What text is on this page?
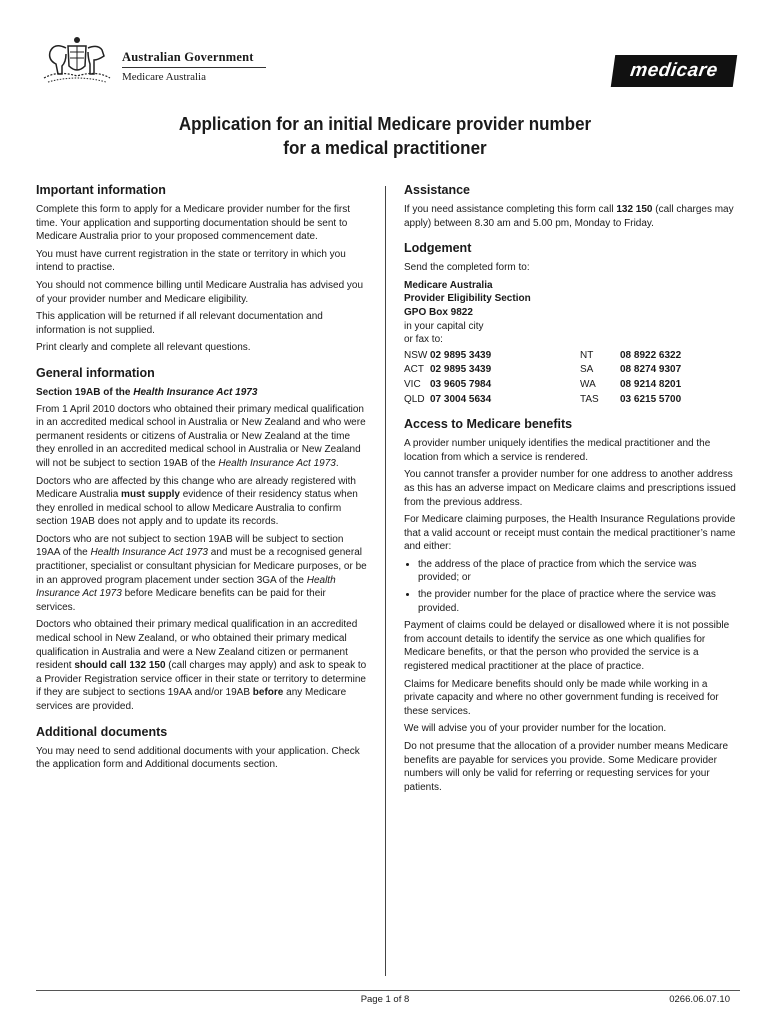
Australian Government
Medicare Australia	medicare
Application for an initial Medicare provider number
for a medical practitioner
Important information

Complete this form to apply for a Medicare provider number for the first time. Your application and supporting documentation should be sent to Medicare Australia prior to your proposed commencement date.

You must have current registration in the state or territory in which you intend to practise.

You should not commence billing until Medicare Australia has advised you of your provider number and Medicare eligibility.

This application will be returned if all relevant documentation and information is not supplied.

Print clearly and complete all relevant questions.

General information
Section 19AB of the Health Insurance Act 1973

From 1 April 2010 doctors who obtained their primary medical qualification in an accredited medical school in Australia or New Zealand and who were permanent residents or citizens of Australia or New Zealand at the time they enrolled in an accredited medical school in Australia or New Zealand will not be subject to section 19AB of the Health Insurance Act 1973.

Doctors who are affected by this change who are already registered with Medicare Australia must supply evidence of their residency status when they enrolled in medical school to allow Medicare Australia to confirm section 19AB does not apply and to update its records.

Doctors who are not subject to section 19AB will be subject to section 19AA of the Health Insurance Act 1973 and must be a recognised general practitioner, specialist or consultant physician for Medicare purposes, or be in an approved program placement under section 3GA of the Health Insurance Act 1973 before Medicare benefits can be paid for their services.

Doctors who obtained their primary medical qualification in an accredited medical school in New Zealand, or who obtained their primary medical qualification in Australia and were a New Zealand citizen or permanent resident should call 132 150 (call charges may apply) and ask to speak to a Provider Registration service officer in their state or territory to determine if they are subject to sections 19AA and/or 19AB before any Medicare services are provided.

Additional documents

You may need to send additional documents with your application. Check the application form and Additional documents section.

Assistance

If you need assistance completing this form call 132 150 (call charges may apply) between 8.30 am and 5.00 pm, Monday to Friday.

Lodgement

Send the completed form to:

Medicare Australia
Provider Eligibility Section
GPO Box 9822
in your capital city
or fax to:
NSW 02 9895 3439	NT	08 8922 6322
ACT 02 9895 3439	SA	08 8274 9307
VIC 03 9605 7984	WA	08 9214 8201
QLD 07 3004 5634	TAS	03 6215 5700
Access to Medicare benefits

A provider number uniquely identifies the medical practitioner and the location from which a service is rendered.

You cannot transfer a provider number for one address to another address as this has an adverse impact on Medicare claims and prescriptions issued from the previous address.

For Medicare claiming purposes, the Health Insurance Regulations provide that a valid account or receipt must contain the medical practitioner’s name and either:

• the address of the place of practice from which the service was provided; or
• the provider number for the place of practice where the service was provided.

Payment of claims could be delayed or disallowed where it is not possible from account details to identify the service as one which qualifies for Medicare benefits, or that the person who provided the service is a registered medical practitioner at the place of practice.

Claims for Medicare benefits should only be made while working in a private capacity and where no other government funding is received for these services.

We will advise you of your provider number for the location.

Do not presume that the allocation of a provider number means Medicare benefits are payable for services you provide. Some Medicare provider numbers will only be valid for referring or requesting services for your patients.

Page 1 of 8	0266.06.07.10
